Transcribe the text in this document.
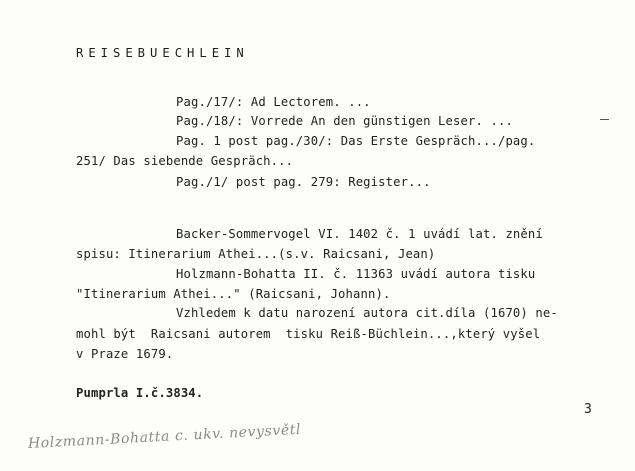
REISEBUECHLEIN
Pag./17/: Ad Lectorem. ...
Pag./18/: Vorrede An den günstigen Leser. ...
Pag. 1 post pag./30/: Das Erste Gespräch.../pag.
251/ Das siebende Gespräch...
Pag./1/ post pag. 279: Register...
Backer-Sommervogel VI. 1402 č. 1 uvádí lat. znění
spisu: Itinerarium Athei...(s.v. Raicsani, Jean)
Holzmann-Bohatta II. č. 11363 uvádí autora tisku
"Itinerarium Athei..." (Raicsani, Johann).
Vzhledem k datu narození autora cit.díla (1670) ne-
mohl být  Raicsani autorem  tisku Reiß-Büchlein...,který vyšel
v Praze 1679.
Pumprla I.č.3834.
3
Holzmann-Bohatta c. ukv. nevysvětl
